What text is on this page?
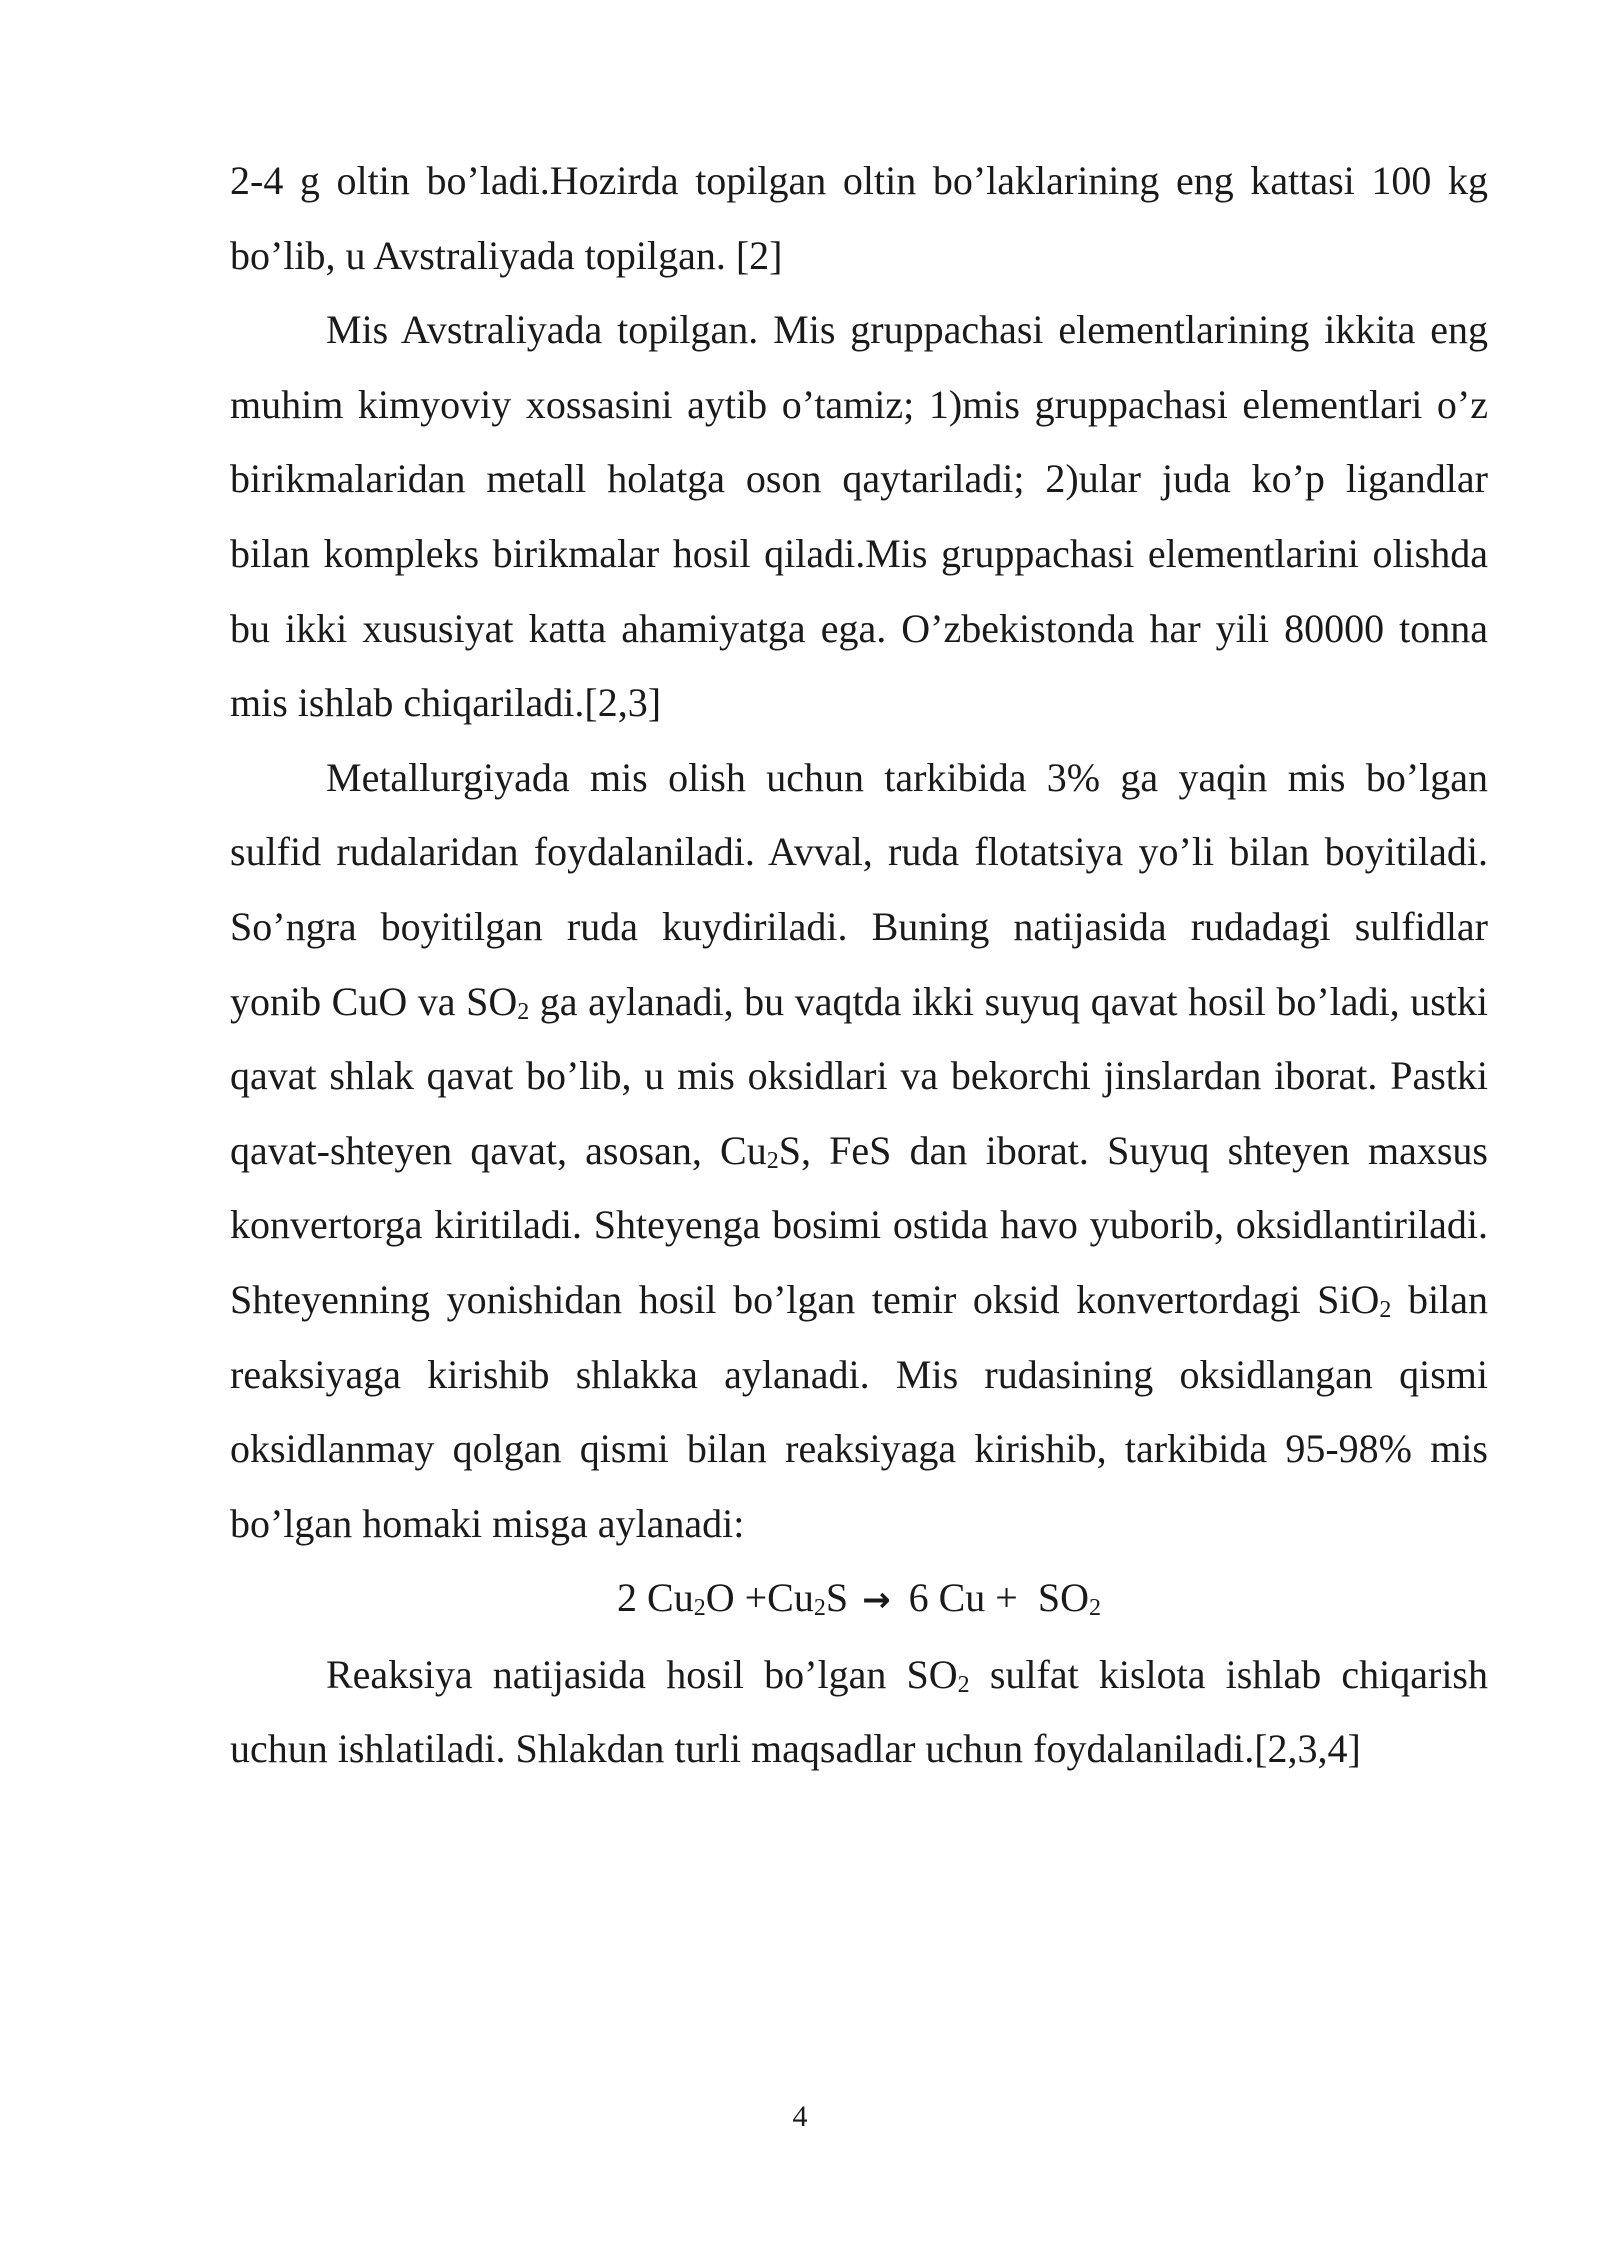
2-4 g oltin bo’ladi.Hozirda topilgan oltin bo’laklarining eng kattasi 100 kg bo’lib, u Avstraliyada topilgan. [2]

Mis Avstraliyada topilgan. Mis gruppachasi elementlarining ikkita eng muhim kimyoviy xossasini aytib o’tamiz; 1)mis gruppachasi elementlari o’z birikmalaridan metall holatga oson qaytariladi; 2)ular juda ko’p ligandlar bilan kompleks birikmalar hosil qiladi.Mis gruppachasi elementlarini olishda bu ikki xususiyat katta ahamiyatga ega. O’zbekistonda har yili 80000 tonna mis ishlab chiqariladi.[2,3]

Metallurgiyada mis olish uchun tarkibida 3% ga yaqin mis bo’lgan sulfid rudalaridan foydalaniladi. Avval, ruda flotatsiya yo’li bilan boyitiladi. So’ngra boyitilgan ruda kuydiriladi. Buning natijasida rudadagi sulfidlar yonib CuO va $SO_2$ ga aylanadi, bu vaqtda ikki suyuq qavat hosil bo’ladi, ustki qavat shlak qavat bo’lib, u mis oksidlari va bekorchi jinslardan iborat. Pastki qavat-shteyen qavat, asosan, $Cu_2S$, FeS dan iborat. Suyuq shteyen maxsus konvertorga kiritiladi. Shteyenga bosimi ostida havo yuborib, oksidlantiriladi. Shteyenning yonishidan hosil bo’lgan temir oksid konvertordagi SiO$_2$ bilan reaksiyaga kirishib shlakka aylanadi. Mis rudasining oksidlangan qismi oksidlanmay qolgan qismi bilan reaksiyaga kirishib, tarkibida 95-98% mis bo’lgan homaki misga aylanadi:

2 $Cu_2O +Cu_2S \to 6$ $Cu + SO_2$

Reaksiya natijasida hosil bo’lgan $SO_2$ sulfat kislota ishlab chiqarish uchun ishlatiladi. Shlakdan turli maqsadlar uchun foydalaniladi.[2,3,4]

4
